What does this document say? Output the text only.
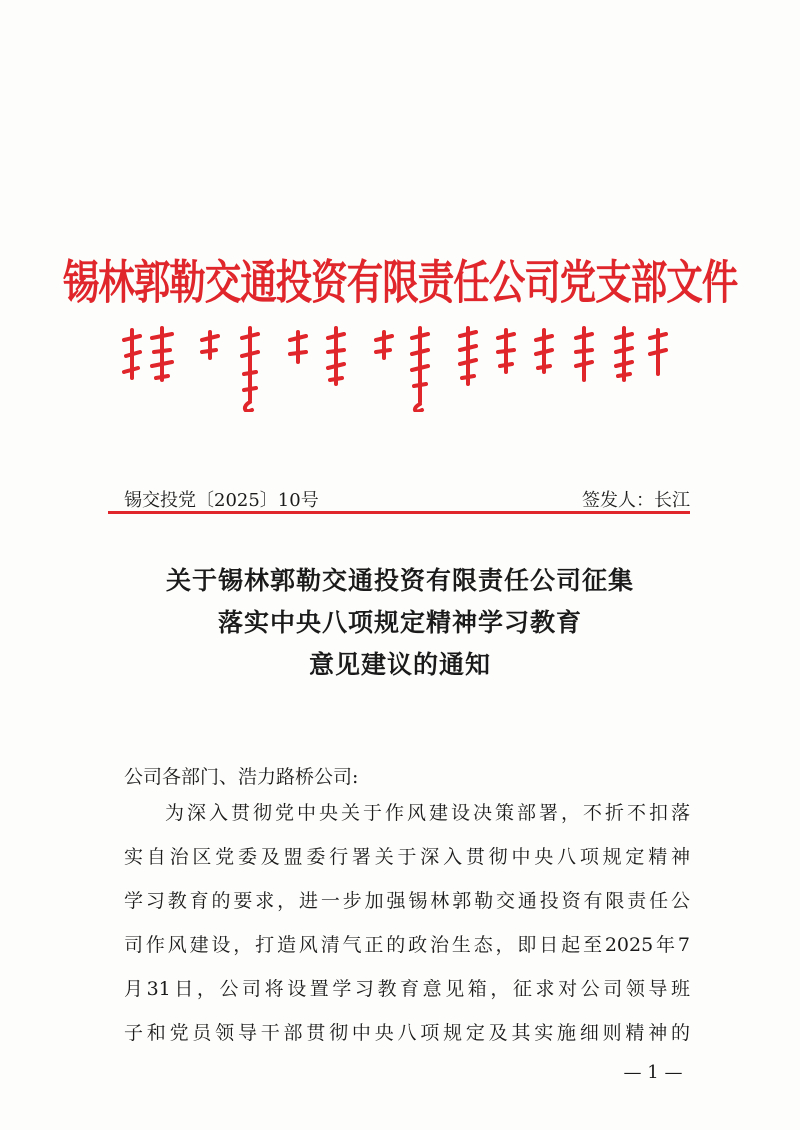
锡林郭勒交通投资有限责任公司党支部文件
锡交投党〔2025〕10号	签发人：长江
关于锡林郭勒交通投资有限责任公司征集
落实中央八项规定精神学习教育
意见建议的通知
公司各部门、浩力路桥公司:
为深入贯彻党中央关于作风建设决策部署，不折不扣落
实自治区党委及盟委行署关于深入贯彻中央八项规定精神
学习教育的要求，进一步加强锡林郭勒交通投资有限责任公
司作风建设，打造风清气正的政治生态，即日起至2025年7
月31日，公司将设置学习教育意见箱，征求对公司领导班
子和党员领导干部贯彻中央八项规定及其实施细则精神的
— 1 —
